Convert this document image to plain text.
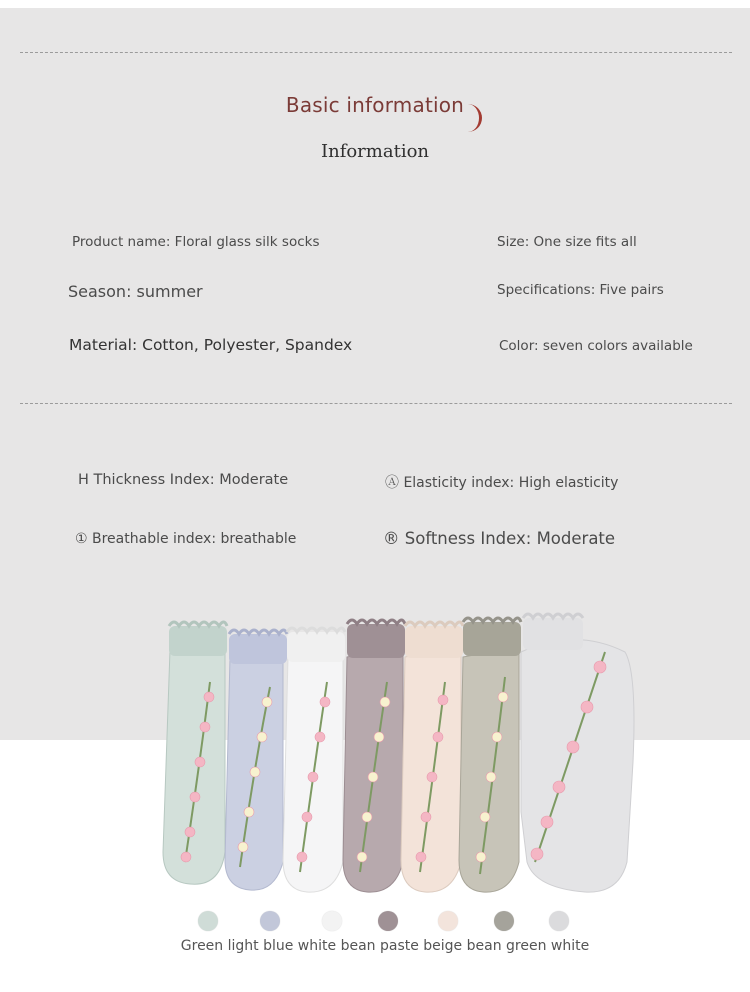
Basic information
Information
Product name: Floral glass silk socks	Size: One size fits all
Season: summer	Specifications: Five pairs
Material: Cotton, Polyester, Spandex	Color: seven colors available
H Thickness Index: Moderate	Ⓐ Elasticity index: High elasticity
① Breathable index: breathable	® Softness Index: Moderate
Green light blue white bean paste beige bean green white
